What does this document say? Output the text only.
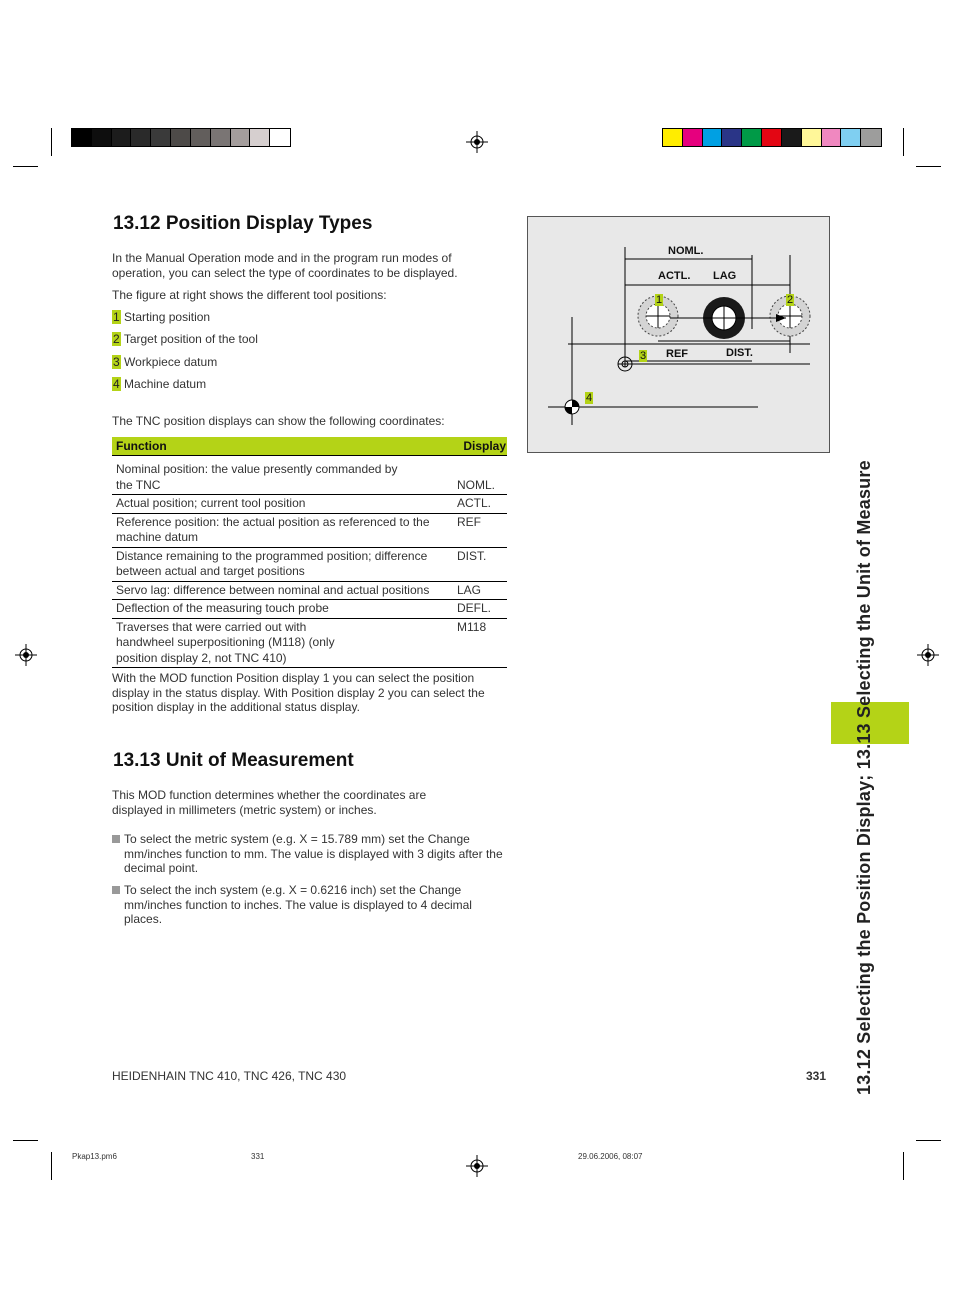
13.12 Position Display Types

In the Manual Operation mode and in the program run modes of operation, you can select the type of coordinates to be displayed.

The figure at right shows the different tool positions:

1 Starting position
2 Target position of the tool
3 Workpiece datum
4 Machine datum

The TNC position displays can show the following coordinates:

Function	Display
Nominal position: the value presently commanded by the TNC	NOML.
Actual position; current tool position	ACTL.
Reference position: the actual position as referenced to the machine datum	REF
Distance remaining to the programmed position; difference between actual and target positions	DIST.
Servo lag: difference between nominal and actual positions	LAG
Deflection of the measuring touch probe	DEFL.
Traverses that were carried out with handwheel superpositioning (M118) (only position display 2, not TNC 410)	M118

With the MOD function Position display 1 you can select the position display in the status display. With Position display 2 you can select the position display in the additional status display.

13.13 Unit of Measurement

This MOD function determines whether the coordinates are displayed in millimeters (metric system) or inches.

To select the metric system (e.g. X = 15.789 mm) set the Change mm/inches function to mm. The value is displayed with 3 digits after the decimal point.
To select the inch system (e.g. X = 0.6216 inch) set the Change mm/inches function to inches. The value is displayed to 4 decimal places.
NOML.
ACTL. LAG
REF	DIST.
1	2
3
4
13.12 Selecting the Position Display; 13.13 Selecting the Unit of Measure
HEIDENHAIN TNC 410, TNC 426, TNC 430	331
Pkap13.pm6	331	29.06.2006, 08:07
